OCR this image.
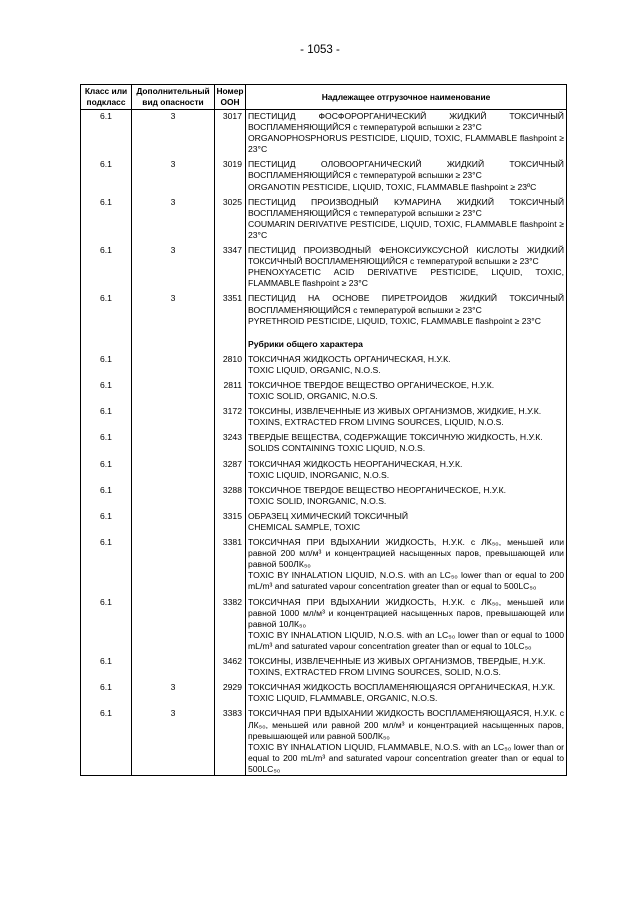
- 1053 -
Класс или подкласс	Дополнительный вид опасности	Номер ООН	Надлежащее отгрузочное наименование
6.1	3	3017	ПЕСТИЦИД ФОСФОРОРГАНИЧЕСКИЙ ЖИДКИЙ ТОКСИЧНЫЙ ВОСПЛАМЕНЯЮЩИЙСЯ с температурой вспышки ≥ 23°C
ORGANOPHOSPHORUS PESTICIDE, LIQUID, TOXIC, FLAMMABLE flashpoint ≥ 23°C

6.1	3	3019	ПЕСТИЦИД ОЛОВООРГАНИЧЕСКИЙ ЖИДКИЙ ТОКСИЧНЫЙ ВОСПЛАМЕНЯЮЩИЙСЯ с температурой вспышки ≥ 23°C
ORGANOTIN PESTICIDE, LIQUID, TOXIC, FLAMMABLE flashpoint ≥ 23ºC

6.1	3	3025	ПЕСТИЦИД ПРОИЗВОДНЫЙ КУМАРИНА ЖИДКИЙ ТОКСИЧНЫЙ ВОСПЛАМЕНЯЮЩИЙСЯ с температурой вспышки ≥ 23°C
COUMARIN DERIVATIVE PESTICIDE, LIQUID, TOXIC, FLAMMABLE flashpoint ≥ 23°C

6.1	3	3347	ПЕСТИЦИД ПРОИЗВОДНЫЙ ФЕНОКСИУКСУСНОЙ КИСЛОТЫ ЖИДКИЙ ТОКСИЧНЫЙ ВОСПЛАМЕНЯЮЩИЙСЯ с температурой вспышки ≥ 23°C
PHENOXYACETIC ACID DERIVATIVE PESTICIDE, LIQUID, TOXIC, FLAMMABLE flashpoint ≥ 23°C

6.1	3	3351	ПЕСТИЦИД НА ОСНОВЕ ПИРЕТРОИДОВ ЖИДКИЙ ТОКСИЧНЫЙ ВОСПЛАМЕНЯЮЩИЙСЯ с температурой вспышки ≥ 23°C
PYRETHROID PESTICIDE, LIQUID, TOXIC, FLAMMABLE flashpoint ≥ 23°C

			Рубрики общего характера

6.1		2810	ТОКСИЧНАЯ ЖИДКОСТЬ ОРГАНИЧЕСКАЯ, Н.У.К.
TOXIC LIQUID, ORGANIC, N.O.S.

6.1		2811	ТОКСИЧНОЕ ТВЕРДОЕ ВЕЩЕСТВО ОРГАНИЧЕСКОЕ, Н.У.К.
TOXIC SOLID, ORGANIC, N.O.S.

6.1		3172	ТОКСИНЫ, ИЗВЛЕЧЕННЫЕ ИЗ ЖИВЫХ ОРГАНИЗМОВ, ЖИДКИЕ, Н.У.К.
TOXINS, EXTRACTED FROM LIVING SOURCES, LIQUID, N.O.S.

6.1		3243	ТВЕРДЫЕ ВЕЩЕСТВА, СОДЕРЖАЩИЕ ТОКСИЧНУЮ ЖИДКОСТЬ, Н.У.К.
SOLIDS CONTAINING TOXIC LIQUID, N.O.S.

6.1		3287	ТОКСИЧНАЯ ЖИДКОСТЬ НЕОРГАНИЧЕСКАЯ, Н.У.К.
TOXIC LIQUID, INORGANIC, N.O.S.

6.1		3288	ТОКСИЧНОЕ ТВЕРДОЕ ВЕЩЕСТВО НЕОРГАНИЧЕСКОЕ, Н.У.К.
TOXIC SOLID, INORGANIC, N.O.S.

6.1		3315	ОБРАЗЕЦ ХИМИЧЕСКИЙ ТОКСИЧНЫЙ
CHEMICAL SAMPLE, TOXIC

6.1		3381	ТОКСИЧНАЯ ПРИ ВДЫХАНИИ ЖИДКОСТЬ, Н.У.К. с ЛК₅₀, меньшей или равной 200 мл/м³ и концентрацией насыщенных паров, превышающей или равной 500ЛК₅₀
TOXIC BY INHALATION LIQUID, N.O.S. with an LC₅₀ lower than or equal to 200 mL/m³ and saturated vapour concentration greater than or equal to 500LC₅₀

6.1		3382	ТОКСИЧНАЯ ПРИ ВДЫХАНИИ ЖИДКОСТЬ, Н.У.К. с ЛК₅₀, меньшей или равной 1000 мл/м³ и концентрацией насыщенных паров, превышающей или равной 10ЛК₅₀
TOXIC BY INHALATION LIQUID, N.O.S. with an LC₅₀ lower than or equal to 1000 mL/m³ and saturated vapour concentration greater than or equal to 10LC₅₀

6.1		3462	ТОКСИНЫ, ИЗВЛЕЧЕННЫЕ ИЗ ЖИВЫХ ОРГАНИЗМОВ, ТВЕРДЫЕ, Н.У.К.
TOXINS, EXTRACTED FROM LIVING SOURCES, SOLID, N.O.S.

6.1	3	2929	ТОКСИЧНАЯ ЖИДКОСТЬ ВОСПЛАМЕНЯЮЩАЯСЯ ОРГАНИЧЕСКАЯ, Н.У.К.
TOXIC LIQUID, FLAMMABLE, ORGANIC, N.O.S.

6.1	3	3383	ТОКСИЧНАЯ ПРИ ВДЫХАНИИ ЖИДКОСТЬ ВОСПЛАМЕНЯЮЩАЯСЯ, Н.У.К. с ЛК₅₀, меньшей или равной 200 мл/м³ и концентрацией насыщенных паров, превышающей или равной 500ЛК₅₀
TOXIC BY INHALATION LIQUID, FLAMMABLE, N.O.S. with an LC₅₀ lower than or equal to 200 mL/m³ and saturated vapour concentration greater than or equal to 500LC₅₀
